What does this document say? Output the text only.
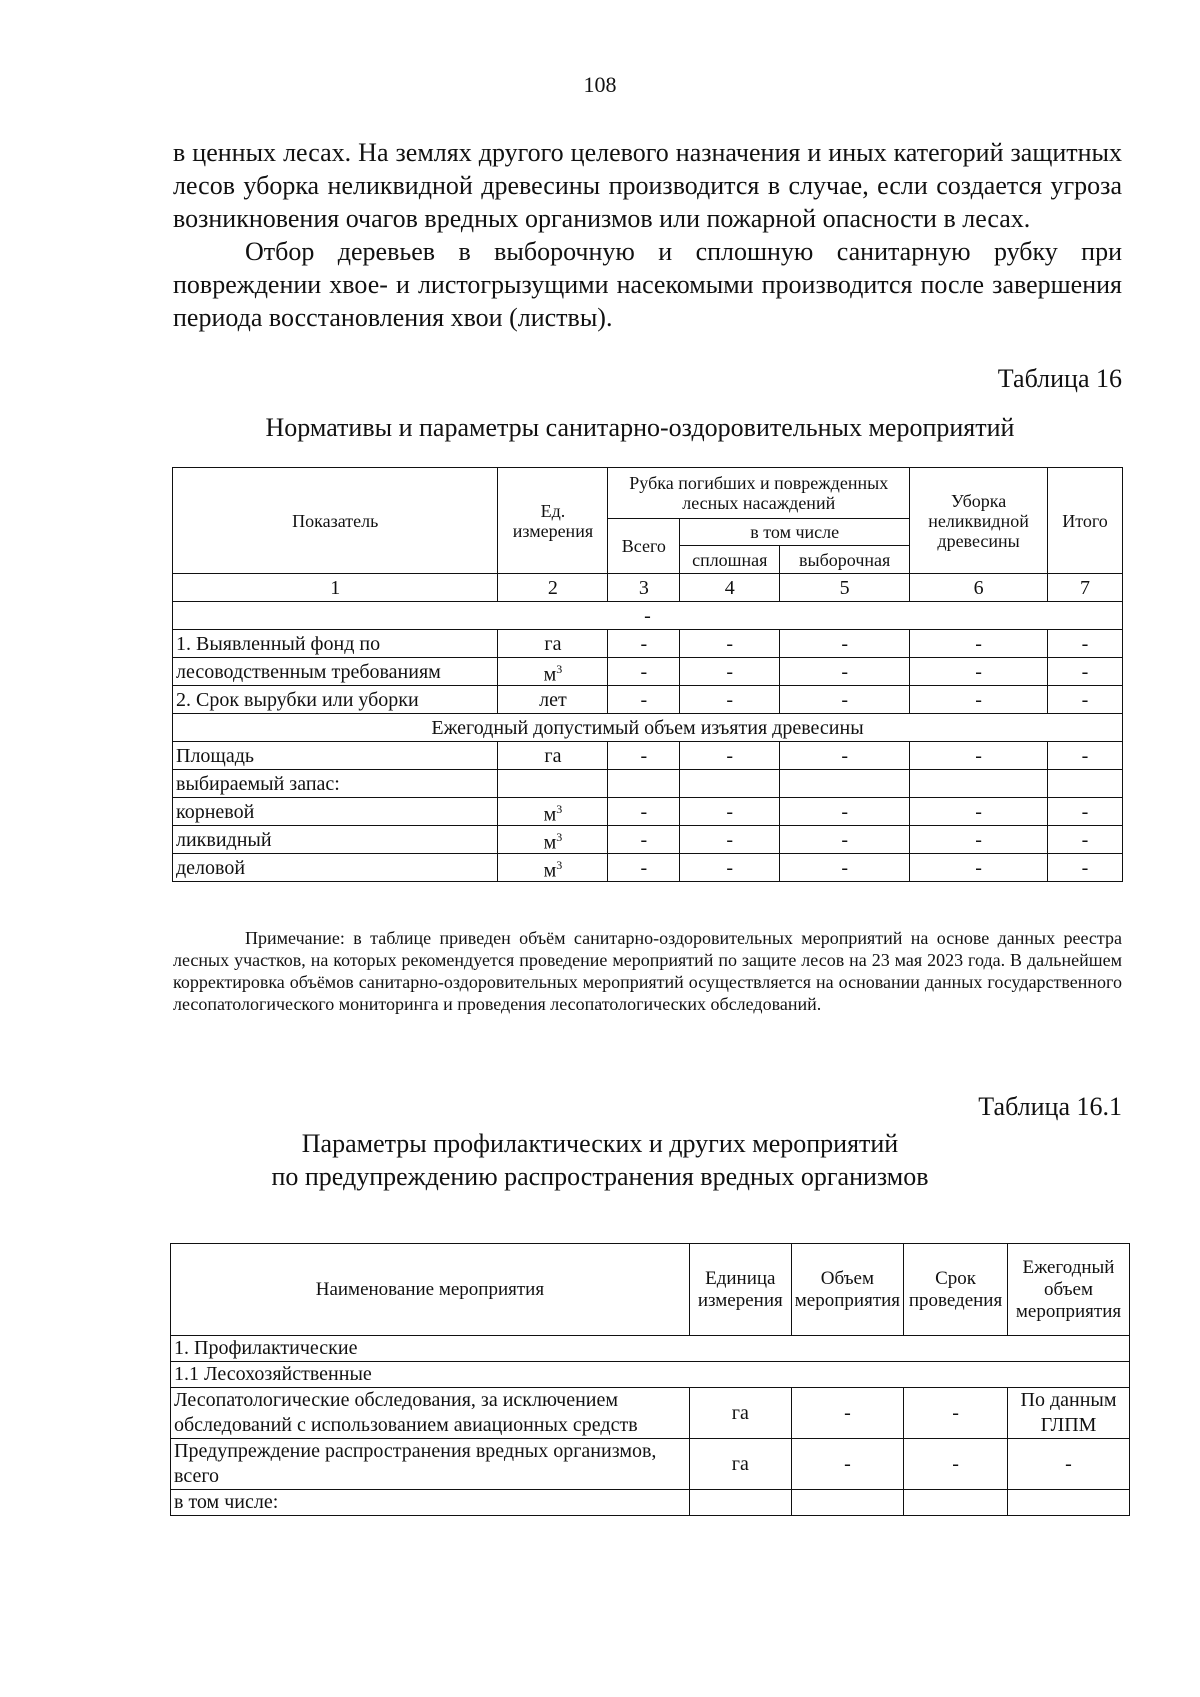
108

в ценных лесах. На землях другого целевого назначения и иных категорий защитных лесов уборка неликвидной древесины производится в случае, если создается угроза возникновения очагов вредных организмов или пожарной опасности в лесах.

Отбор деревьев в выборочную и сплошную санитарную рубку при повреждении хвое- и листогрызущими насекомыми производится после завершения периода восстановления хвои (листвы).

Таблица 16
Нормативы и параметры санитарно-оздоровительных мероприятий
Показатель	Ед. измерения	Рубка погибших и поврежденных лесных насаждений			Уборка неликвидной древесины	Итого
		Всего	в том числе			
			сплошная	выборочная		
1	2	3	4	5	6	7
-						
1. Выявленный фонд по	га	-	-	-	-	-
лесоводственным требованиям	$м^3$	-	-	-	-	-
2. Срок вырубки или уборки	лет	-	-	-	-	-
Ежегодный допустимый объем изъятия древесины						
Площадь	га	-	-	-	-	-
выбираемый запас:						
корневой	$м^3$	-	-	-	-	-
ликвидный	$м^3$	-	-	-	-	-
деловой	$м^3$	-	-	-	-	-
Примечание: в таблице приведен объём санитарно-оздоровительных мероприятий на основе данных реестра лесных участков, на которых рекомендуется проведение мероприятий по защите лесов на 23 мая 2023 года. В дальнейшем корректировка объёмов санитарно-оздоровительных мероприятий осуществляется на основании данных государственного лесопатологического мониторинга и проведения лесопатологических обследований.
Таблица 16.1
Параметры профилактических и других мероприятий
по предупреждению распространения вредных организмов
Наименование мероприятия	Единица измерения	Объем мероприятия	Срок проведения	Ежегодный объем мероприятия
1. Профилактические				
1.1 Лесохозяйственные				
Лесопатологические обследования, за исключением обследований с использованием авиационных средств	га	-	-	По данным ГЛПМ
Предупреждение распространения вредных организмов, всего	га	-	-	-
в том числе:				
